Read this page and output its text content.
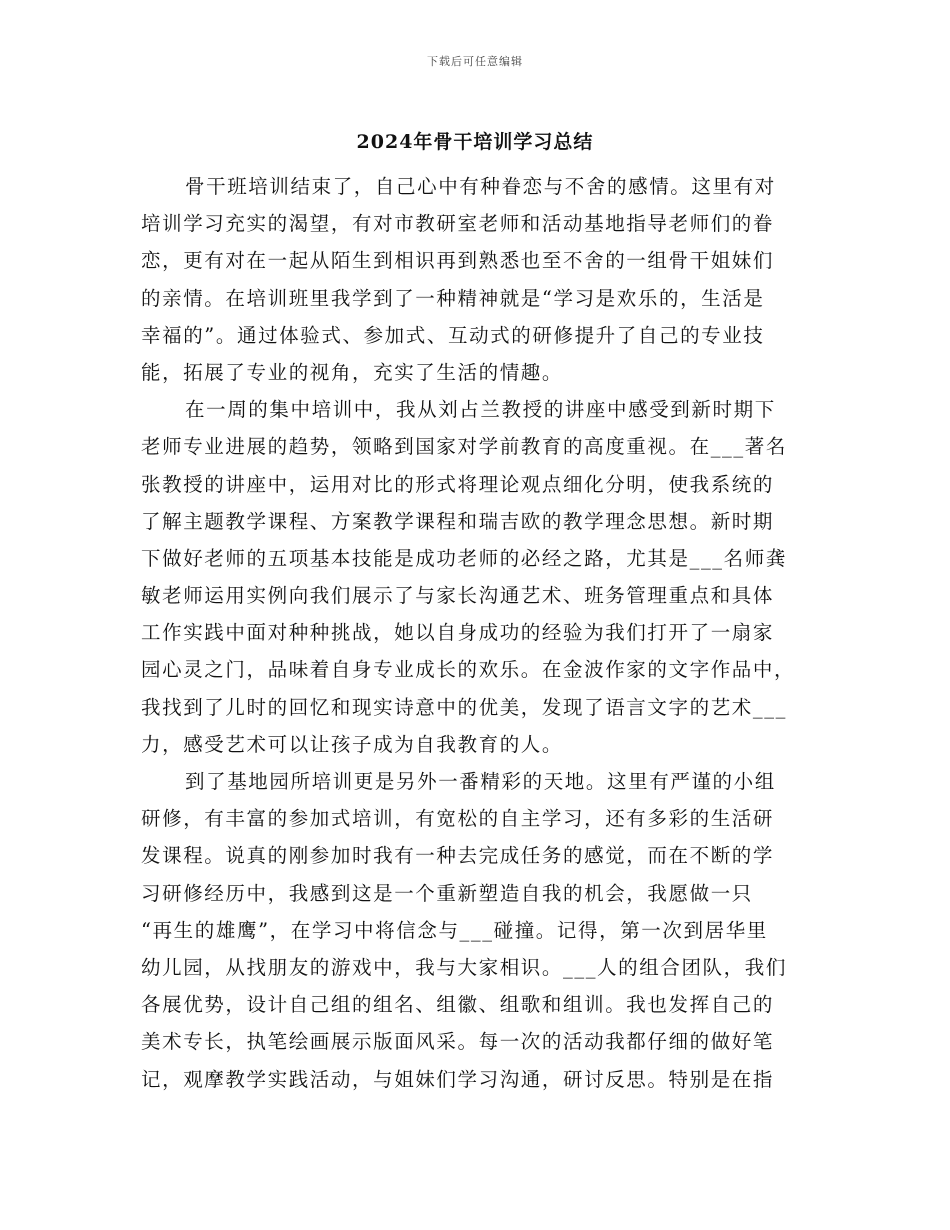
下载后可任意编辑
2024年骨干培训学习总结
骨干班培训结束了，自己心中有种眷恋与不舍的感情。这里有对
培训学习充实的渴望，有对市教研室老师和活动基地指导老师们的眷
恋，更有对在一起从陌生到相识再到熟悉也至不舍的一组骨干姐妹们
的亲情。在培训班里我学到了一种精神就是“学习是欢乐的，生活是
幸福的”。通过体验式、参加式、互动式的研修提升了自己的专业技
能，拓展了专业的视角，充实了生活的情趣。
在一周的集中培训中，我从刘占兰教授的讲座中感受到新时期下
老师专业进展的趋势，领略到国家对学前教育的高度重视。在___著名
张教授的讲座中，运用对比的形式将理论观点细化分明，使我系统的
了解主题教学课程、方案教学课程和瑞吉欧的教学理念思想。新时期
下做好老师的五项基本技能是成功老师的必经之路，尤其是___名师龚
敏老师运用实例向我们展示了与家长沟通艺术、班务管理重点和具体
工作实践中面对种种挑战，她以自身成功的经验为我们打开了一扇家
园心灵之门，品味着自身专业成长的欢乐。在金波作家的文字作品中，
我找到了儿时的回忆和现实诗意中的优美，发现了语言文字的艺术___
力，感受艺术可以让孩子成为自我教育的人。
到了基地园所培训更是另外一番精彩的天地。这里有严谨的小组
研修，有丰富的参加式培训，有宽松的自主学习，还有多彩的生活研
发课程。说真的刚参加时我有一种去完成任务的感觉，而在不断的学
习研修经历中，我感到这是一个重新塑造自我的机会，我愿做一只
“再生的雄鹰”，在学习中将信念与___碰撞。记得，第一次到居华里
幼儿园，从找朋友的游戏中，我与大家相识。___人的组合团队，我们
各展优势，设计自己组的组名、组徽、组歌和组训。我也发挥自己的
美术专长，执笔绘画展示版面风采。每一次的活动我都仔细的做好笔
记，观摩教学实践活动，与姐妹们学习沟通，研讨反思。特别是在指
